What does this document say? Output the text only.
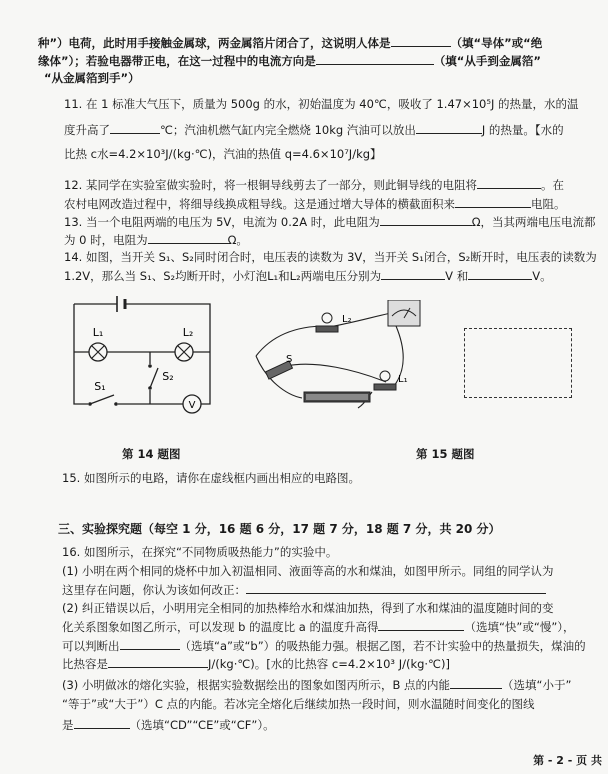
种”）电荷，此时用手接触金属球，两金属箔片闭合了，这说明人体是	（填“导体”或“绝
缘体”）；若验电器带正电，在这一过程中的电流方向是	（填“从手到金属箔”
“从金属箔到手”）
11. 在 1 标准大气压下，质量为 500g 的水，初始温度为 40℃，吸收了 1.47×10⁵J 的热量，水的温
度升高了	℃；汽油机燃气缸内完全燃烧 10kg 汽油可以放出	J 的热量。【水的
比热 c水=4.2×10³J/(kg·℃)，汽油的热值 q=4.6×10⁷J/kg】
12. 某同学在实验室做实验时，将一根铜导线剪去了一部分，则此铜导线的电阻将	。在
农村电网改造过程中，将细导线换成粗导线。这是通过增大导体的横截面积来	电阻。
13. 当一个电阻两端的电压为 5V，电流为 0.2A 时，此电阻为	Ω，当其两端电压电流都
为 0 时，电阻为	Ω。
14. 如图，当开关 S₁、S₂同时闭合时，电压表的读数为 3V，当开关 S₁闭合，S₂断开时，电压表的读数为
1.2V，那么当 S₁、S₂均断开时，小灯泡L₁和L₂两端电压分别为	V 和	V。
L₁	L₂
S₁
S₂
V
L₂
L₁
S
第 14 题图	第 15 题图
15. 如图所示的电路，请你在虚线框内画出相应的电路图。
三、实验探究题（每空 1 分，16 题 6 分，17 题 7 分，18 题 7 分，共 20 分）
16. 如图所示，在探究“不同物质吸热能力”的实验中。
(1) 小明在两个相同的烧杯中加入初温相同、液面等高的水和煤油，如图甲所示。同组的同学认为
这里存在问题，你认为该如何改正：
(2) 纠正错误以后，小明用完全相同的加热棒给水和煤油加热，得到了水和煤油的温度随时间的变
化关系图象如图乙所示，可以发现 b 的温度比 a 的温度升高得	（选填“快”或“慢”），
可以判断出	（选填“a”或“b”）的吸热能力强。根据乙图，若不计实验中的热量损失，煤油的
比热容是	J/(kg·℃)。[水的比热容 c=4.2×10³ J/(kg·℃)]
(3) 小明做冰的熔化实验，根据实验数据绘出的图象如图丙所示，B 点的内能	（选填“小于”
“等于”或“大于”）C 点的内能。若冰完全熔化后继续加热一段时间，则水温随时间变化的图线
是	（选填“CD”“CE”或“CF”）。
第 - 2 - 页 共
